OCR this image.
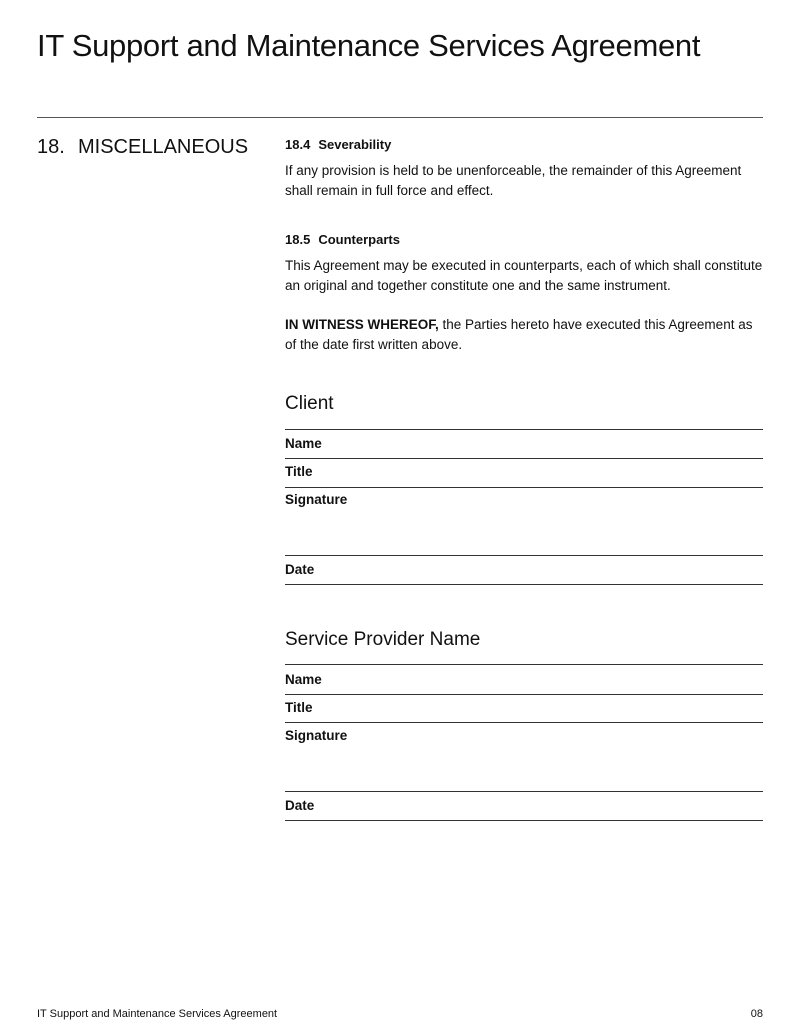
IT Support and Maintenance Services Agreement
18. MISCELLANEOUS	18.4 Severability
If any provision is held to be unenforceable, the remainder of this Agreement shall remain in full force and effect.
18.5 Counterparts
This Agreement may be executed in counterparts, each of which shall constitute an original and together constitute one and the same instrument.
IN WITNESS WHEREOF, the Parties hereto have executed this Agreement as of the date first written above.
Client
Name
Title
Signature
Date
Service Provider Name
Name
Title
Signature
Date
IT Support and Maintenance Services Agreement	08
